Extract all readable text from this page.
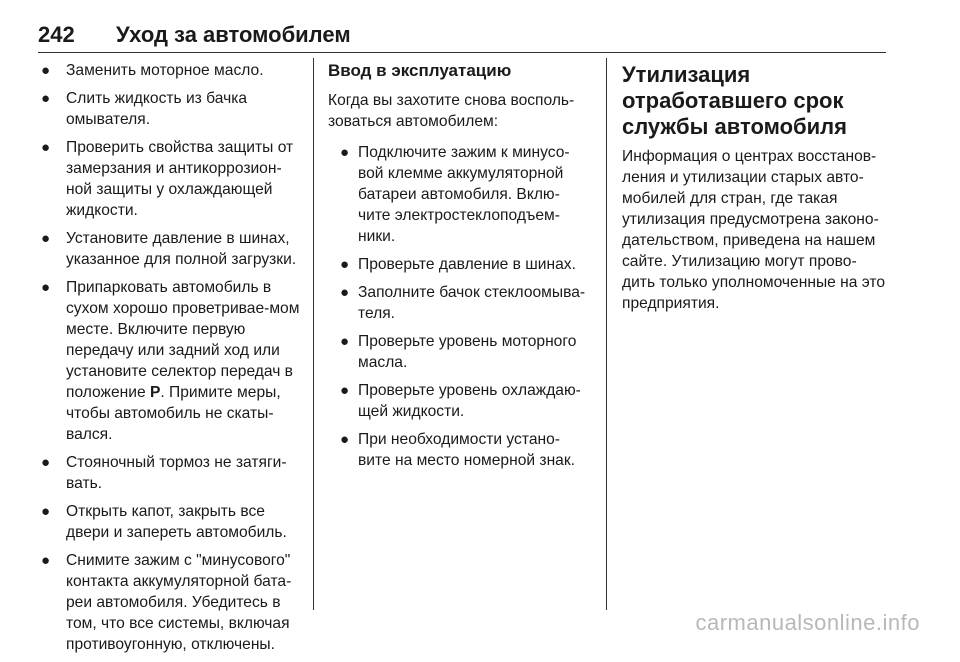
242	Уход за автомобилем
● Заменить моторное масло.
● Слить жидкость из бачка омывателя.
● Проверить свойства защиты от замерзания и антикоррозион-ной защиты у охлаждающей жидкости.
● Установите давление в шинах, указанное для полной загрузки.
● Припарковать автомобиль в сухом хорошо проветривае-мом месте. Включите первую передачу или задний ход или установите селектор передач в положение P. Примите меры, чтобы автомобиль не скаты-вался.
● Стояночный тормоз не затяги-вать.
● Открыть капот, закрыть все двери и запереть автомобиль.
● Снимите зажим с "минусового" контакта аккумуляторной бата-реи автомобиля. Убедитесь в том, что все системы, включая противоугонную, отключены.
Ввод в эксплуатацию

Когда вы захотите снова восполь-зоваться автомобилем:

● Подключите зажим к минусо-вой клемме аккумуляторной батареи автомобиля. Вклю-чите электростеклоподъем-ники.
● Проверьте давление в шинах.
● Заполните бачок стеклоомыва-теля.
● Проверьте уровень моторного масла.
● Проверьте уровень охлаждаю-щей жидкости.
● При необходимости устано-вите на место номерной знак.
Утилизация отработавшего срок службы автомобиля

Информация о центрах восстанов-ления и утилизации старых авто-мобилей для стран, где такая утилизация предусмотрена законо-дательством, приведена на нашем сайте. Утилизацию могут прово-дить только уполномоченные на это предприятия.

carmanualsonline.info
